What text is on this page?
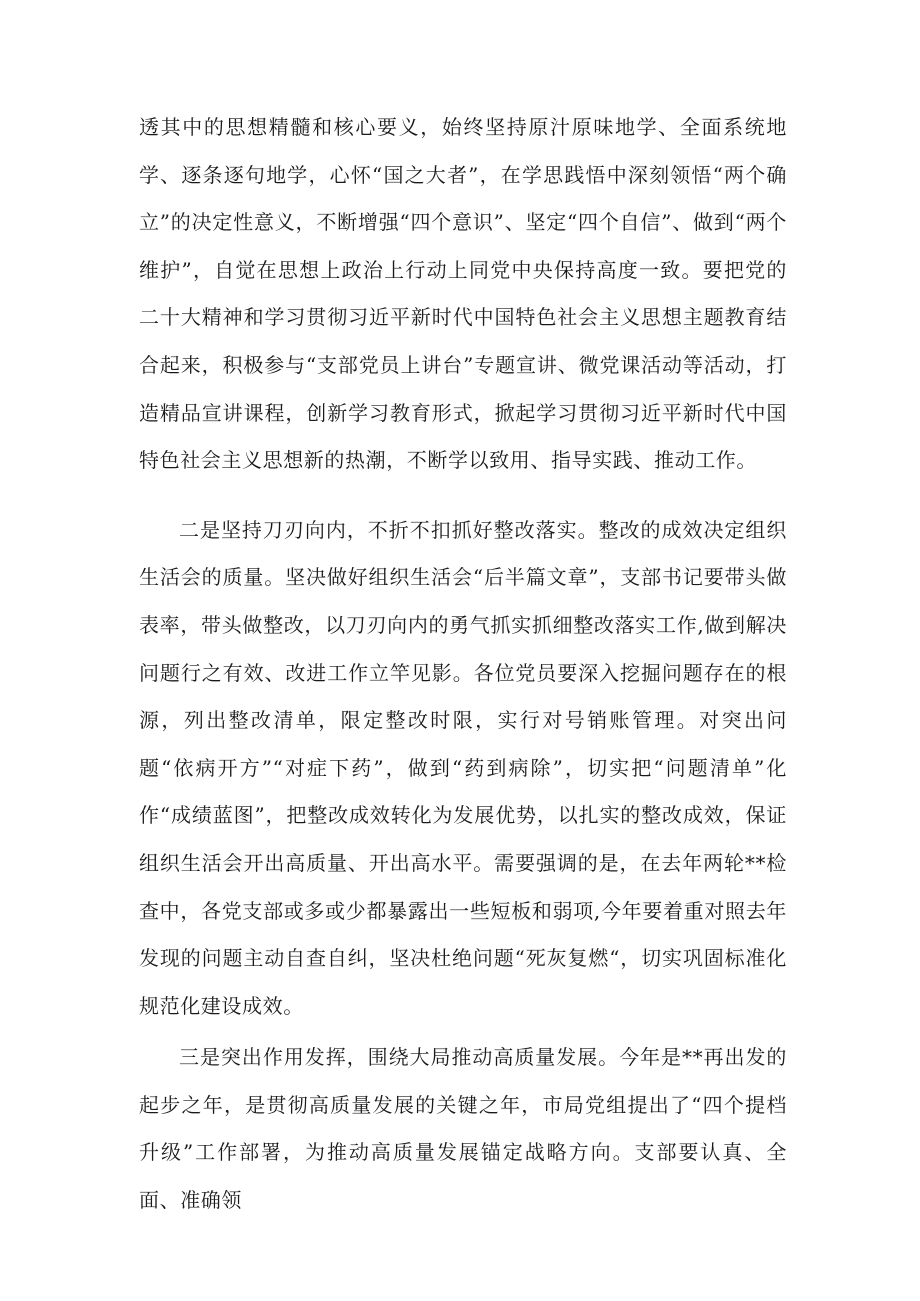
透其中的思想精髓和核心要义，始终坚持原汁原味地学、全面系统地学、逐条逐句地学，心怀“国之大者”，在学思践悟中深刻领悟“两个确立”的决定性意义，不断增强“四个意识”、坚定“四个自信”、做到“两个维护”，自觉在思想上政治上行动上同党中央保持高度一致。要把党的二十大精神和学习贯彻习近平新时代中国特色社会主义思想主题教育结合起来，积极参与“支部党员上讲台”专题宣讲、微党课活动等活动，打造精品宣讲课程，创新学习教育形式，掀起学习贯彻习近平新时代中国特色社会主义思想新的热潮，不断学以致用、指导实践、推动工作。

二是坚持刀刃向内，不折不扣抓好整改落实。整改的成效决定组织生活会的质量。坚决做好组织生活会“后半篇文章”，支部书记要带头做表率，带头做整改，以刀刃向内的勇气抓实抓细整改落实工作,做到解决问题行之有效、改进工作立竿见影。各位党员要深入挖掘问题存在的根源，列出整改清单，限定整改时限，实行对号销账管理。对突出问题“依病开方”“对症下药”，做到“药到病除”，切实把“问题清单”化作“成绩蓝图”，把整改成效转化为发展优势，以扎实的整改成效，保证组织生活会开出高质量、开出高水平。需要强调的是，在去年两轮**检查中，各党支部或多或少都暴露出一些短板和弱项,今年要着重对照去年发现的问题主动自查自纠，坚决杜绝问题“死灰复燃“，切实巩固标准化规范化建设成效。

三是突出作用发挥，围绕大局推动高质量发展。今年是**再出发的起步之年，是贯彻高质量发展的关键之年，市局党组提出了“四个提档升级”工作部署，为推动高质量发展锚定战略方向。支部要认真、全面、准确领
